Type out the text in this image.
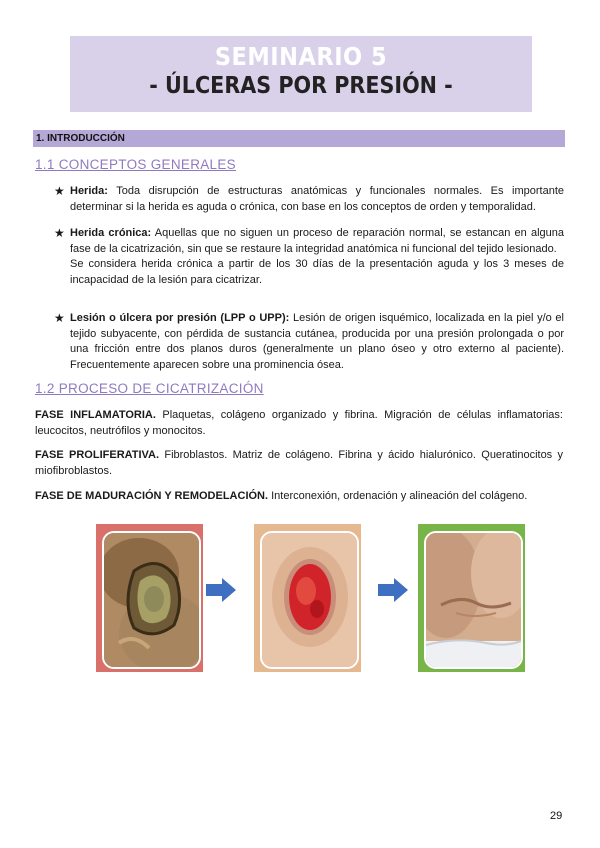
SEMINARIO 5
- ÚLCERAS POR PRESIÓN -
1. INTRODUCCIÓN
1.1 CONCEPTOS GENERALES
★ Herida: Toda disrupción de estructuras anatómicas y funcionales normales. Es importante determinar si la herida es aguda o crónica, con base en los conceptos de orden y temporalidad.

★ Herida crónica: Aquellas que no siguen un proceso de reparación normal, se estancan en alguna fase de la cicatrización, sin que se restaure la integridad anatómica ni funcional del tejido lesionado.

Se considera herida crónica a partir de los 30 días de la presentación aguda y los 3 meses de incapacidad de la lesión para cicatrizar.

★ Lesión o úlcera por presión (LPP o UPP): Lesión de origen isquémico, localizada en la piel y/o el tejido subyacente, con pérdida de sustancia cutánea, producida por una presión prolongada o por una fricción entre dos planos duros (generalmente un plano óseo y otro externo al paciente). Frecuentemente aparecen sobre una prominencia ósea.

1.2 PROCESO DE CICATRIZACIÓN
FASE INFLAMATORIA. Plaquetas, colágeno organizado y fibrina. Migración de células inflamatorias: leucocitos, neutrófilos y monocitos.
FASE PROLIFERATIVA. Fibroblastos. Matriz de colágeno. Fibrina y ácido hialurónico. Queratinocitos y miofibroblastos.
FASE DE MADURACIÓN Y REMODELACIÓN. Interconexión, ordenación y alineación del colágeno.
29
